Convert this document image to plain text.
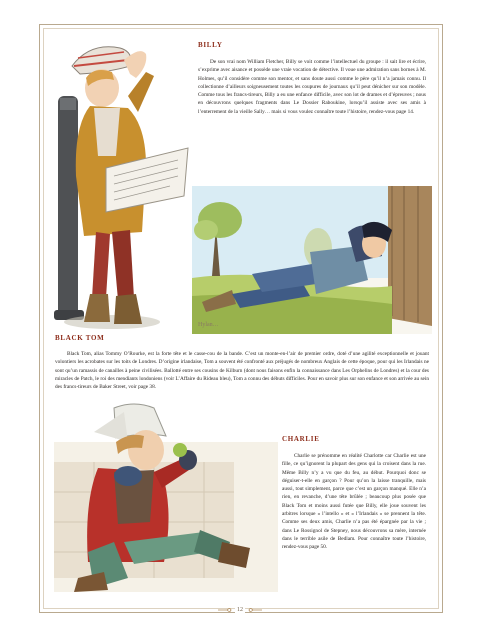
BILLY

De son vrai nom William Fletcher, Billy se voit comme l’intellectuel du groupe : il sait lire et écrire, s’exprime avec aisance et possède une vraie vocation de détective. Il voue une admiration sans bornes à M. Holmes, qu’il considère comme son mentor, et sans doute aussi comme le père qu’il n’a jamais connu. Il collectionne d’ailleurs soigneusement toutes les coupures de journaux qu’il peut dénicher sur son modèle. Comme tous les francs-tireurs, Billy a eu une enfance difficile, avec son lot de drames et d’épreuves ; nous en découvrons quelques fragments dans Le Dossier Raboukine, lorsqu’il assiste avec ses amis à l’enterrement de la vieille Sally… mais si vous voulez connaître toute l’histoire, rendez-vous page 14.

Hylan…
BLACK TOM

Black Tom, alias Tommy O’Rourke, est la forte tête et le casse-cou de la bande. C’est un monte-en-l’air de premier ordre, doté d’une agilité exceptionnelle et jouant volontiers les acrobates sur les toits de Londres. D’origine irlandaise, Tom a souvent été confronté aux préjugés de nombreux Anglais de cette époque, pour qui les Irlandais ne sont qu’un ramassis de canailles à peine civilisées. Ballotté entre ses cousins de Kilburn (dont nous faisons enfin la connaissance dans Les Orphelins de Londres) et la cour des miracles de Patch, le roi des mendiants londoniens (voir L’Affaire du Rideau bleu), Tom a connu des débuts difficiles. Pour en savoir plus sur son enfance et son arrivée au sein des francs-tireurs de Baker Street, voir page 38.

CHARLIE

Charlie se prénomme en réalité Charlotte car Charlie est une fille, ce qu’ignorent la plupart des gens qui la croisent dans la rue. Même Billy n’y a vu que du feu, au début. Pourquoi donc se déguiser-t-elle en garçon ? Pour qu’on la laisse tranquille, mais aussi, tout simplement, parce que c’est un garçon manqué. Elle n’a rien, en revanche, d’une tête brûlée ; beaucoup plus posée que Black Tom et moins aussi futée que Billy, elle joue souvent les arbitres lorsque « l’intello » et « l’Irlandais » se prennent la tête. Comme ses deux amis, Charlie n’a pas été épargnée par la vie ; dans Le Rossignol de Stepney, nous découvrons sa mère, internée dans le terrible asile de Bedlam. Pour connaître toute l’histoire, rendez-vous page 50.

12
